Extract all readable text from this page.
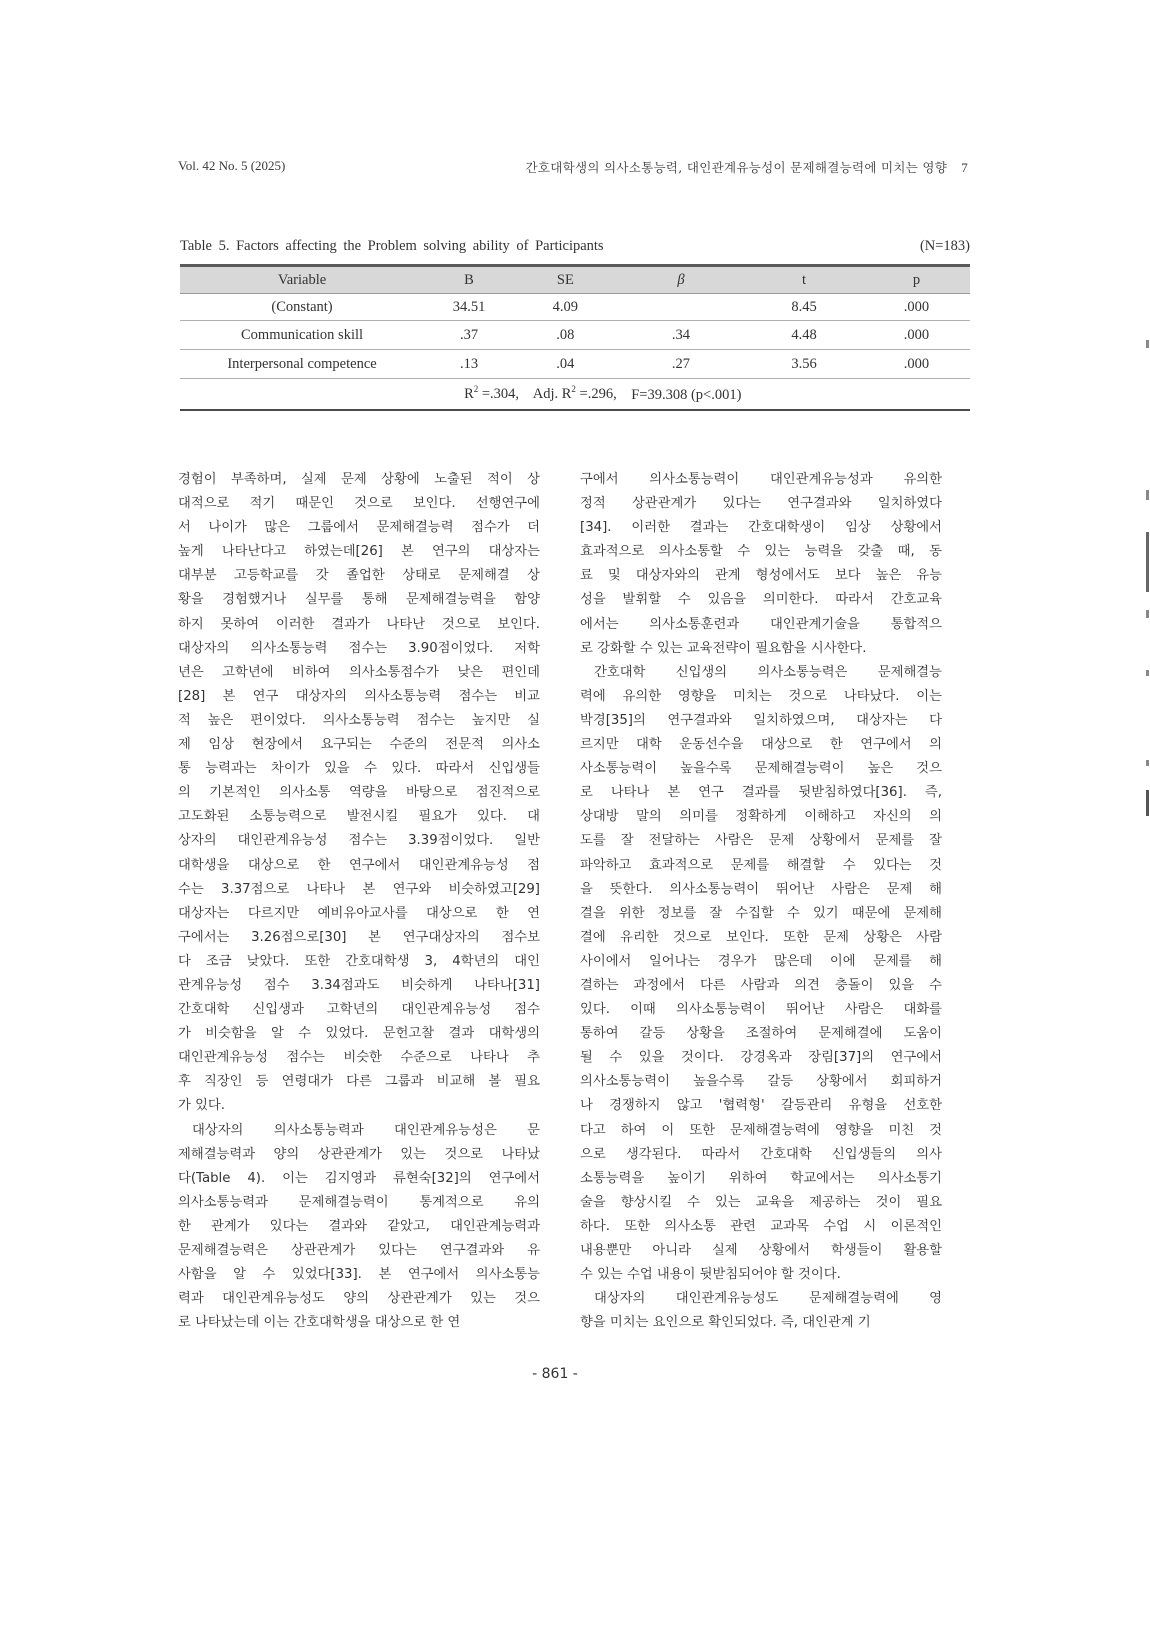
Vol. 42 No. 5 (2025)	간호대학생의 의사소통능력, 대인관계유능성이 문제해결능력에 미치는 영향 7
Table 5. Factors affecting the Problem solving ability of Participants	(N=183)
Variable	B	SE	β	t	p
(Constant)	34.51	4.09		8.45	.000
Communication skill	.37	.08	.34	4.48	.000
Interpersonal competence	.13	.04	.27	3.56	.000
	$R^2 =.304$, Adj. $R^2 =.296$, F=39.308 (p<.001)				
경험이 부족하며, 실제 문제 상황에 노출된 적이 상
대적으로 적기 때문인 것으로 보인다. 선행연구에
서 나이가 많은 그룹에서 문제해결능력 점수가 더
높게 나타난다고 하였는데[26] 본 연구의 대상자는
대부분 고등학교를 갓 졸업한 상태로 문제해결 상
황을 경험했거나 실무를 통해 문제해결능력을 함양
하지 못하여 이러한 결과가 나타난 것으로 보인다.
대상자의 의사소통능력 점수는 3.90점이었다. 저학
년은 고학년에 비하여 의사소통점수가 낮은 편인데
[28] 본 연구 대상자의 의사소통능력 점수는 비교
적 높은 편이었다. 의사소통능력 점수는 높지만 실
제 임상 현장에서 요구되는 수준의 전문적 의사소
통 능력과는 차이가 있을 수 있다. 따라서 신입생들
의 기본적인 의사소통 역량을 바탕으로 점진적으로
고도화된 소통능력으로 발전시킬 필요가 있다. 대
상자의 대인관계유능성 점수는 3.39점이었다. 일반
대학생을 대상으로 한 연구에서 대인관계유능성 점
수는 3.37점으로 나타나 본 연구와 비슷하였고[29]
대상자는 다르지만 예비유아교사를 대상으로 한 연
구에서는 3.26점으로[30] 본 연구대상자의 점수보
다 조금 낮았다. 또한 간호대학생 3, 4학년의 대인
관계유능성 점수 3.34점과도 비슷하게 나타나[31]
간호대학 신입생과 고학년의 대인관계유능성 점수
가 비슷함을 알 수 있었다. 문헌고찰 결과 대학생의
대인관계유능성 점수는 비슷한 수준으로 나타나 추
후 직장인 등 연령대가 다른 그룹과 비교해 볼 필요
가 있다.
대상자의 의사소통능력과 대인관계유능성은 문
제해결능력과 양의 상관관계가 있는 것으로 나타났
다(Table 4). 이는 김지영과 류현숙[32]의 연구에서
의사소통능력과 문제해결능력이 통계적으로 유의
한 관계가 있다는 결과와 같았고, 대인관계능력과
문제해결능력은 상관관계가 있다는 연구결과와 유
사함을 알 수 있었다[33]. 본 연구에서 의사소통능
력과 대인관계유능성도 양의 상관관계가 있는 것으
로 나타났는데 이는 간호대학생을 대상으로 한 연
구에서 의사소통능력이 대인관계유능성과 유의한
정적 상관관계가 있다는 연구결과와 일치하였다
[34]. 이러한 결과는 간호대학생이 임상 상황에서
효과적으로 의사소통할 수 있는 능력을 갖출 때, 동
료 및 대상자와의 관계 형성에서도 보다 높은 유능
성을 발휘할 수 있음을 의미한다. 따라서 간호교육
에서는 의사소통훈련과 대인관계기술을 통합적으
로 강화할 수 있는 교육전략이 필요함을 시사한다.
간호대학 신입생의 의사소통능력은 문제해결능
력에 유의한 영향을 미치는 것으로 나타났다. 이는
박경[35]의 연구결과와 일치하였으며, 대상자는 다
르지만 대학 운동선수을 대상으로 한 연구에서 의
사소통능력이 높을수록 문제해결능력이 높은 것으
로 나타나 본 연구 결과를 뒷받침하였다[36]. 즉,
상대방 말의 의미를 정확하게 이해하고 자신의 의
도를 잘 전달하는 사람은 문제 상황에서 문제를 잘
파악하고 효과적으로 문제를 해결할 수 있다는 것
을 뜻한다. 의사소통능력이 뛰어난 사람은 문제 해
결을 위한 정보를 잘 수집할 수 있기 때문에 문제해
결에 유리한 것으로 보인다. 또한 문제 상황은 사람
사이에서 일어나는 경우가 많은데 이에 문제를 해
결하는 과정에서 다른 사람과 의견 충돌이 있을 수
있다. 이때 의사소통능력이 뛰어난 사람은 대화를
통하여 갈등 상황을 조절하여 문제해결에 도움이
될 수 있을 것이다. 강경옥과 장림[37]의 연구에서
의사소통능력이 높을수록 갈등 상황에서 회피하거
나 경쟁하지 않고 '협력형' 갈등관리 유형을 선호한
다고 하여 이 또한 문제해결능력에 영향을 미친 것
으로 생각된다. 따라서 간호대학 신입생들의 의사
소통능력을 높이기 위하여 학교에서는 의사소통기
술을 향상시킬 수 있는 교육을 제공하는 것이 필요
하다. 또한 의사소통 관련 교과목 수업 시 이론적인
내용뿐만 아니라 실제 상황에서 학생들이 활용할
수 있는 수업 내용이 뒷받침되어야 할 것이다.
대상자의 대인관계유능성도 문제해결능력에 영
향을 미치는 요인으로 확인되었다. 즉, 대인관계 기
- 861 -
